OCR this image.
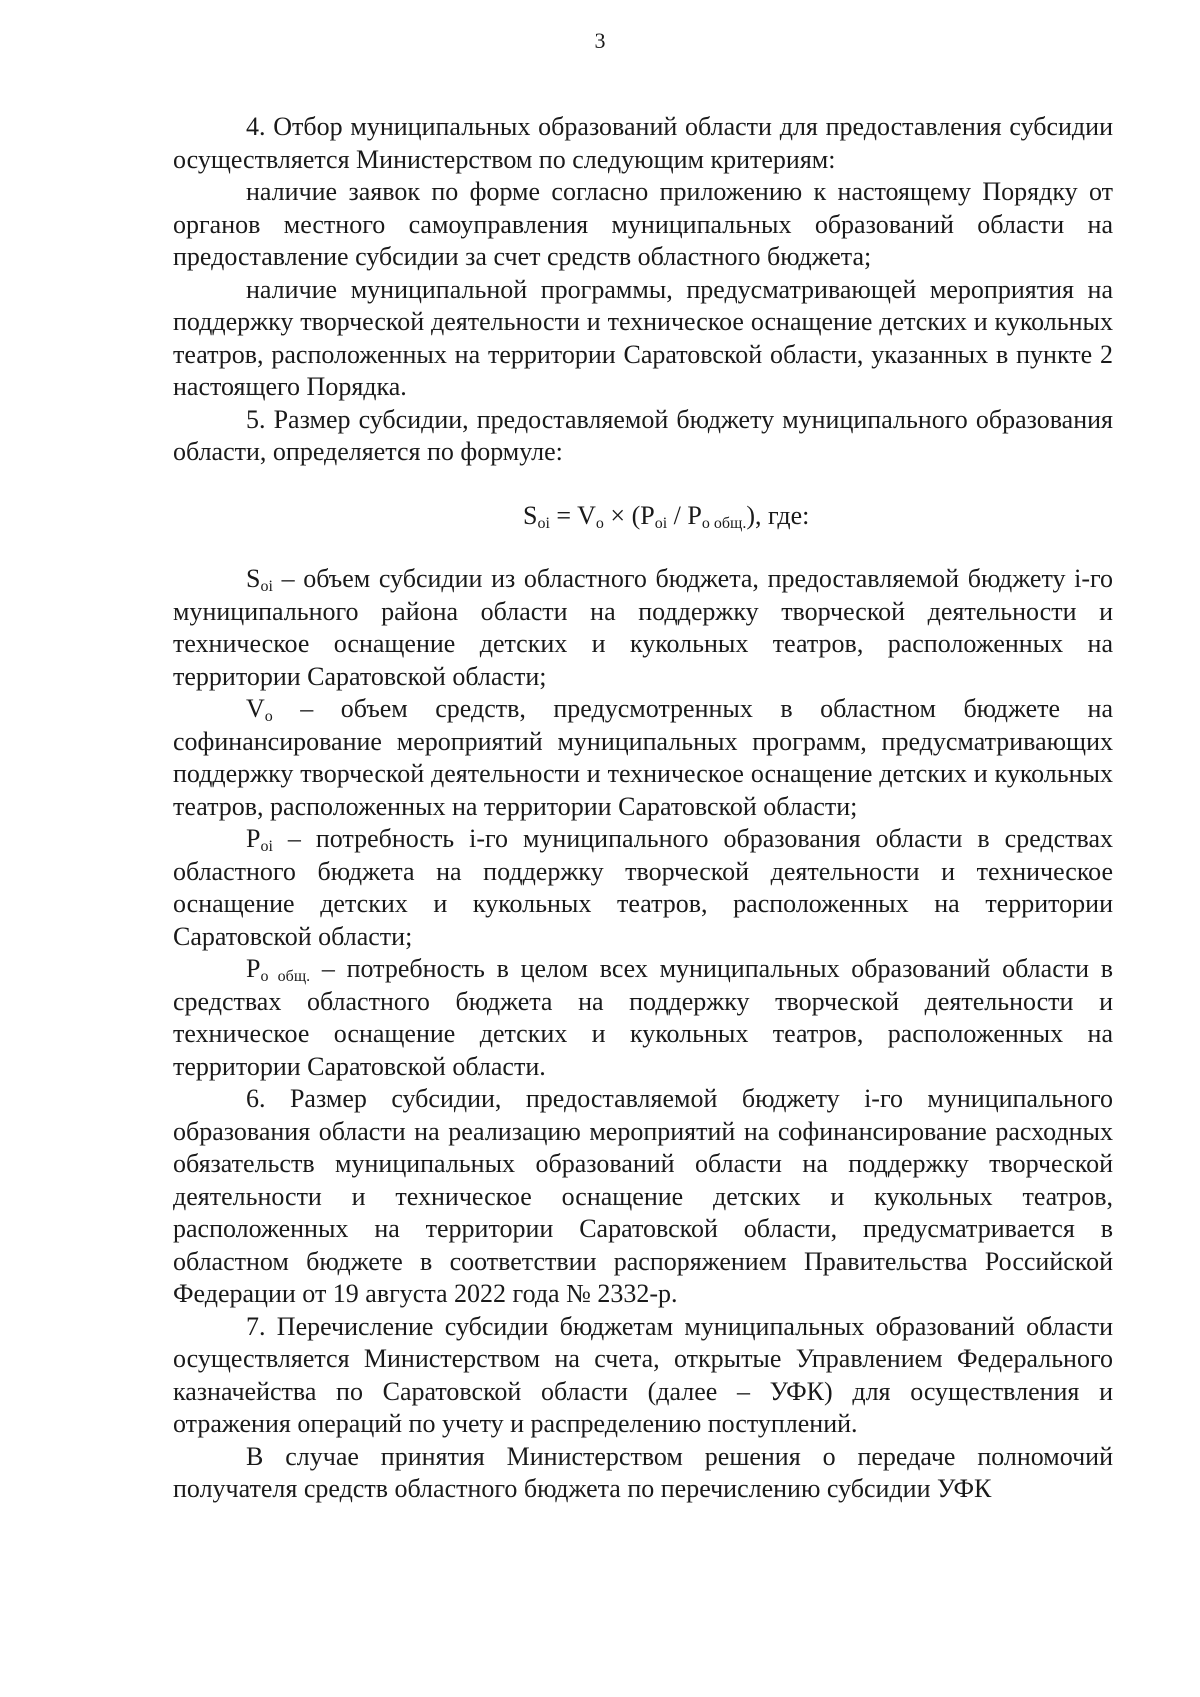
3

4. Отбор муниципальных образований области для предоставления субсидии осуществляется Министерством по следующим критериям:

наличие заявок по форме согласно приложению к настоящему Порядку от органов местного самоуправления муниципальных образований области на предоставление субсидии за счет средств областного бюджета;

наличие муниципальной программы, предусматривающей мероприятия на поддержку творческой деятельности и техническое оснащение детских и кукольных театров, расположенных на территории Саратовской области, указанных в пункте 2 настоящего Порядка.

5. Размер субсидии, предоставляемой бюджету муниципального образования области, определяется по формуле:

$S_{oi} = V_o \times (P_{oi} / P_{o общ.})$, где:

$S_{oi}$ – объем субсидии из областного бюджета, предоставляемой бюджету i-го муниципального района области на поддержку творческой деятельности и техническое оснащение детских и кукольных театров, расположенных на территории Саратовской области;

$V_o$ – объем средств, предусмотренных в областном бюджете на софинансирование мероприятий муниципальных программ, предусматривающих поддержку творческой деятельности и техническое оснащение детских и кукольных театров, расположенных на территории Саратовской области;

$P_{oi}$ – потребность i-го муниципального образования области в средствах областного бюджета на поддержку творческой деятельности и техническое оснащение детских и кукольных театров, расположенных на территории Саратовской области;

$P_{o общ.}$ – потребность в целом всех муниципальных образований области в средствах областного бюджета на поддержку творческой деятельности и техническое оснащение детских и кукольных театров, расположенных на территории Саратовской области.

6. Размер субсидии, предоставляемой бюджету i-го муниципального образования области на реализацию мероприятий на софинансирование расходных обязательств муниципальных образований области на поддержку творческой деятельности и техническое оснащение детских и кукольных театров, расположенных на территории Саратовской области, предусматривается в областном бюджете в соответствии распоряжением Правительства Российской Федерации от 19 августа 2022 года № 2332-р.

7. Перечисление субсидии бюджетам муниципальных образований области осуществляется Министерством на счета, открытые Управлением Федерального казначейства по Саратовской области (далее – УФК) для осуществления и отражения операций по учету и распределению поступлений.

В случае принятия Министерством решения о передаче полномочий получателя средств областного бюджета по перечислению субсидии УФК
